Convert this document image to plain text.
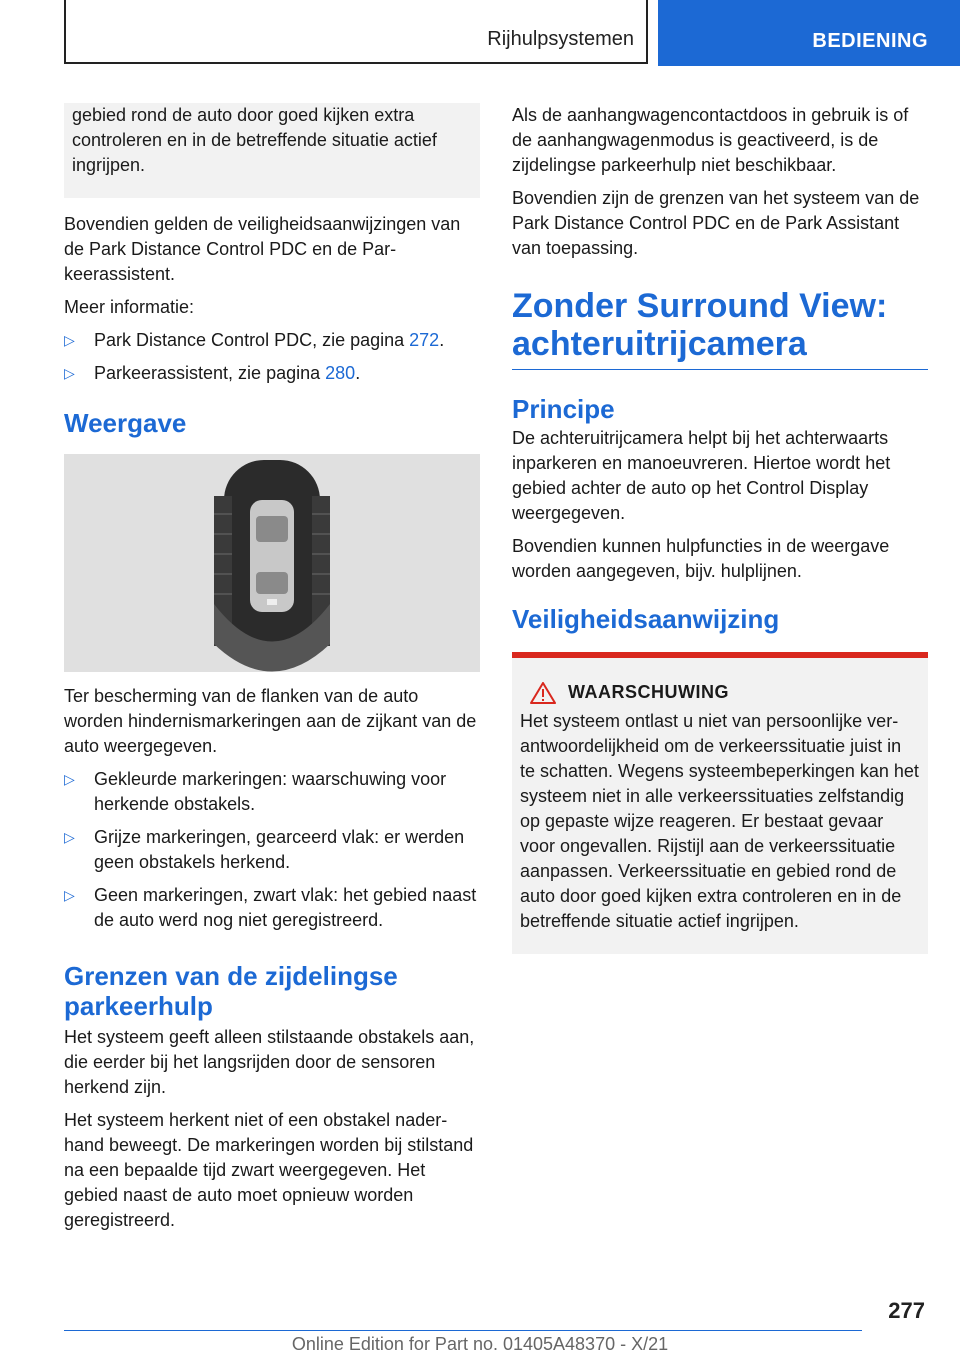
Rijhulpsystemen	BEDIENING

gebied rond de auto door goed kijken extra controleren en in de betreffende situatie actief ingrijpen.

Bovendien gelden de veiligheidsaanwijzingen van de Park Distance Control PDC en de Parkeerassistent.

Meer informatie:

▷ Park Distance Control PDC, zie pagina 272.
▷ Parkeerassistent, zie pagina 280.
Weergave

Ter bescherming van de flanken van de auto worden hindernismarkeringen aan de zijkant van de auto weergegeven.

▷ Gekleurde markeringen: waarschuwing voor herkende obstakels.
▷ Grijze markeringen, gearceerd vlak: er werden geen obstakels herkend.
▷ Geen markeringen, zwart vlak: het gebied naast de auto werd nog niet geregistreerd.
Grenzen van de zijdelingse parkeerhulp

Het systeem geeft alleen stilstaande obstakels aan, die eerder bij het langsrijden door de sensoren herkend zijn.

Het systeem herkent niet of een obstakel naderhand beweegt. De markeringen worden bij stilstand na een bepaalde tijd zwart weergegeven. Het gebied naast de auto moet opnieuw worden geregistreerd.

Als de aanhangwagencontactdoos in gebruik is of de aanhangwagenmodus is geactiveerd, is de zijdelingse parkeerhulp niet beschikbaar.

Bovendien zijn de grenzen van het systeem van de Park Distance Control PDC en de Park Assistant van toepassing.

Zonder Surround View: achteruitrijcamera
Principe

De achteruitrijcamera helpt bij het achterwaarts inparkeren en manoeuvreren. Hiertoe wordt het gebied achter de auto op het Control Display weergegeven.

Bovendien kunnen hulpfuncties in de weergave worden aangegeven, bijv. hulplijnen.

Veiligheidsaanwijzing
WAARSCHUWING

Het systeem ontlast u niet van persoonlijke verantwoordelijkheid om de verkeerssituatie juist in te schatten. Wegens systeembeperkingen kan het systeem niet in alle verkeerssituaties zelfstandig op gepaste wijze reageren. Er bestaat gevaar voor ongevallen. Rijstijl aan de verkeerssituatie aanpassen. Verkeerssituatie en gebied rond de auto door goed kijken extra controleren en in de betreffende situatie actief ingrijpen.

277
Online Edition for Part no. 01405A48370 - X/21
